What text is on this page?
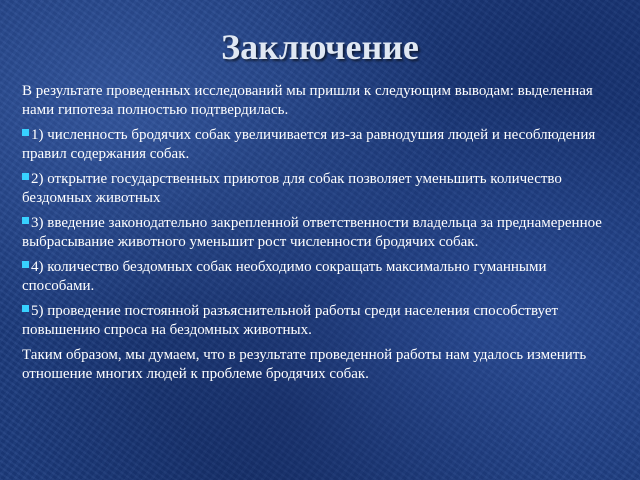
Заключение

В результате проведенных исследований мы пришли к следующим выводам: выделенная нами гипотеза полностью подтвердилась.

1) численность бродячих собак увеличивается из-за равнодушия людей и несоблюдения правил содержания собак.
2) открытие государственных приютов для собак позволяет уменьшить количество бездомных животных
3) введение законодательно закрепленной ответственности владельца за преднамеренное выбрасывание животного уменьшит рост численности бродячих собак.
4) количество бездомных собак необходимо сокращать максимально гуманными способами.
5) проведение постоянной разъяснительной работы среди населения способствует повышению спроса на бездомных животных.

Таким образом, мы думаем, что в результате проведенной работы нам удалось изменить отношение многих людей к проблеме бродячих собак.
